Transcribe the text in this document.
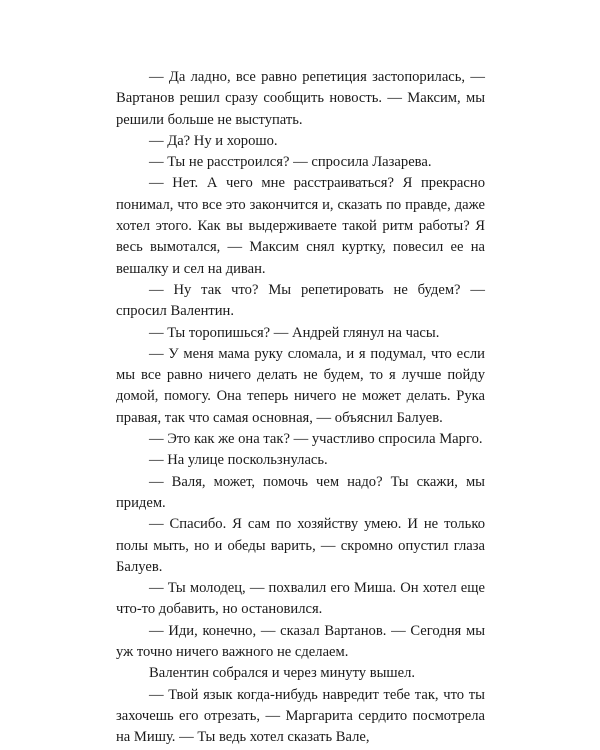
— Да ладно, все равно репетиция застопорилась, — Вартанов решил сразу сообщить новость. — Максим, мы решили больше не выступать.

— Да? Ну и хорошо.

— Ты не расстроился? — спросила Лазарева.

— Нет. А чего мне расстраиваться? Я прекрасно понимал, что все это закончится и, сказать по правде, даже хотел этого. Как вы выдерживаете такой ритм работы? Я весь вымотался, — Максим снял куртку, повесил ее на вешалку и сел на диван.

— Ну так что? Мы репетировать не будем? — спросил Валентин.

— Ты торопишься? — Андрей глянул на часы.

— У меня мама руку сломала, и я подумал, что если мы все равно ничего делать не будем, то я лучше пойду домой, помогу. Она теперь ничего не может делать. Рука правая, так что самая основная, — объяснил Балуев.

— Это как же она так? — участливо спросила Марго.

— На улице поскользнулась.

— Валя, может, помочь чем надо? Ты скажи, мы придем.

— Спасибо. Я сам по хозяйству умею. И не только полы мыть, но и обеды варить, — скромно опустил глаза Балуев.

— Ты молодец, — похвалил его Миша. Он хотел еще что-то добавить, но остановился.

— Иди, конечно, — сказал Вартанов. — Сегодня мы уж точно ничего важного не сделаем.

Валентин собрался и через минуту вышел.

— Твой язык когда-нибудь навредит тебе так, что ты захочешь его отрезать, — Маргарита сердито посмотрела на Мишу. — Ты ведь хотел сказать Вале,
